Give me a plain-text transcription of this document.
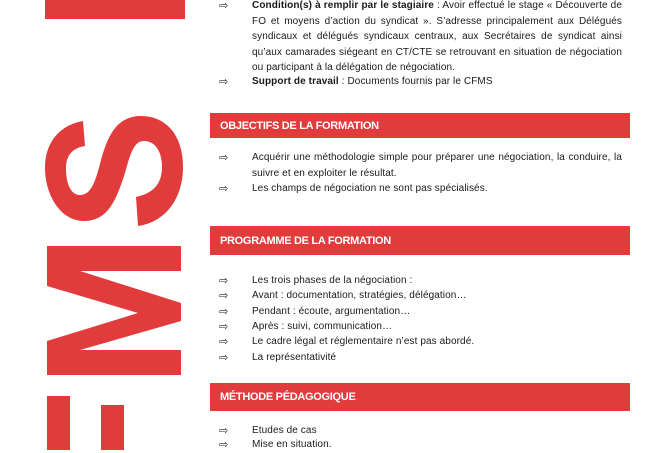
⇨ Condition(s) à remplir par le stagiaire : Avoir effectué le stage « Découverte de FO et moyens d’action du syndicat ». S’adresse principalement aux Délégués syndicaux et délégués syndicaux centraux, aux Secrétaires de syndicat ainsi qu’aux camarades siégeant en CT/CTE se retrouvant en situation de négociation ou participant à la délégation de négociation.
⇨ Support de travail : Documents fournis par le CFMS
OBJECTIFS DE LA FORMATION
⇨ Acquérir une méthodologie simple pour préparer une négociation, la conduire, la suivre et en exploiter le résultat.
⇨ Les champs de négociation ne sont pas spécialisés.
PROGRAMME DE LA FORMATION
⇨ Les trois phases de la négociation :
⇨ Avant : documentation, stratégies, délégation…
⇨ Pendant : écoute, argumentation…
⇨ Après : suivi, communication…
⇨ Le cadre légal et réglementaire n’est pas abordé.
⇨ La représentativité
MÉTHODE PÉDAGOGIQUE
⇨ Etudes de cas
⇨ Mise en situation.
